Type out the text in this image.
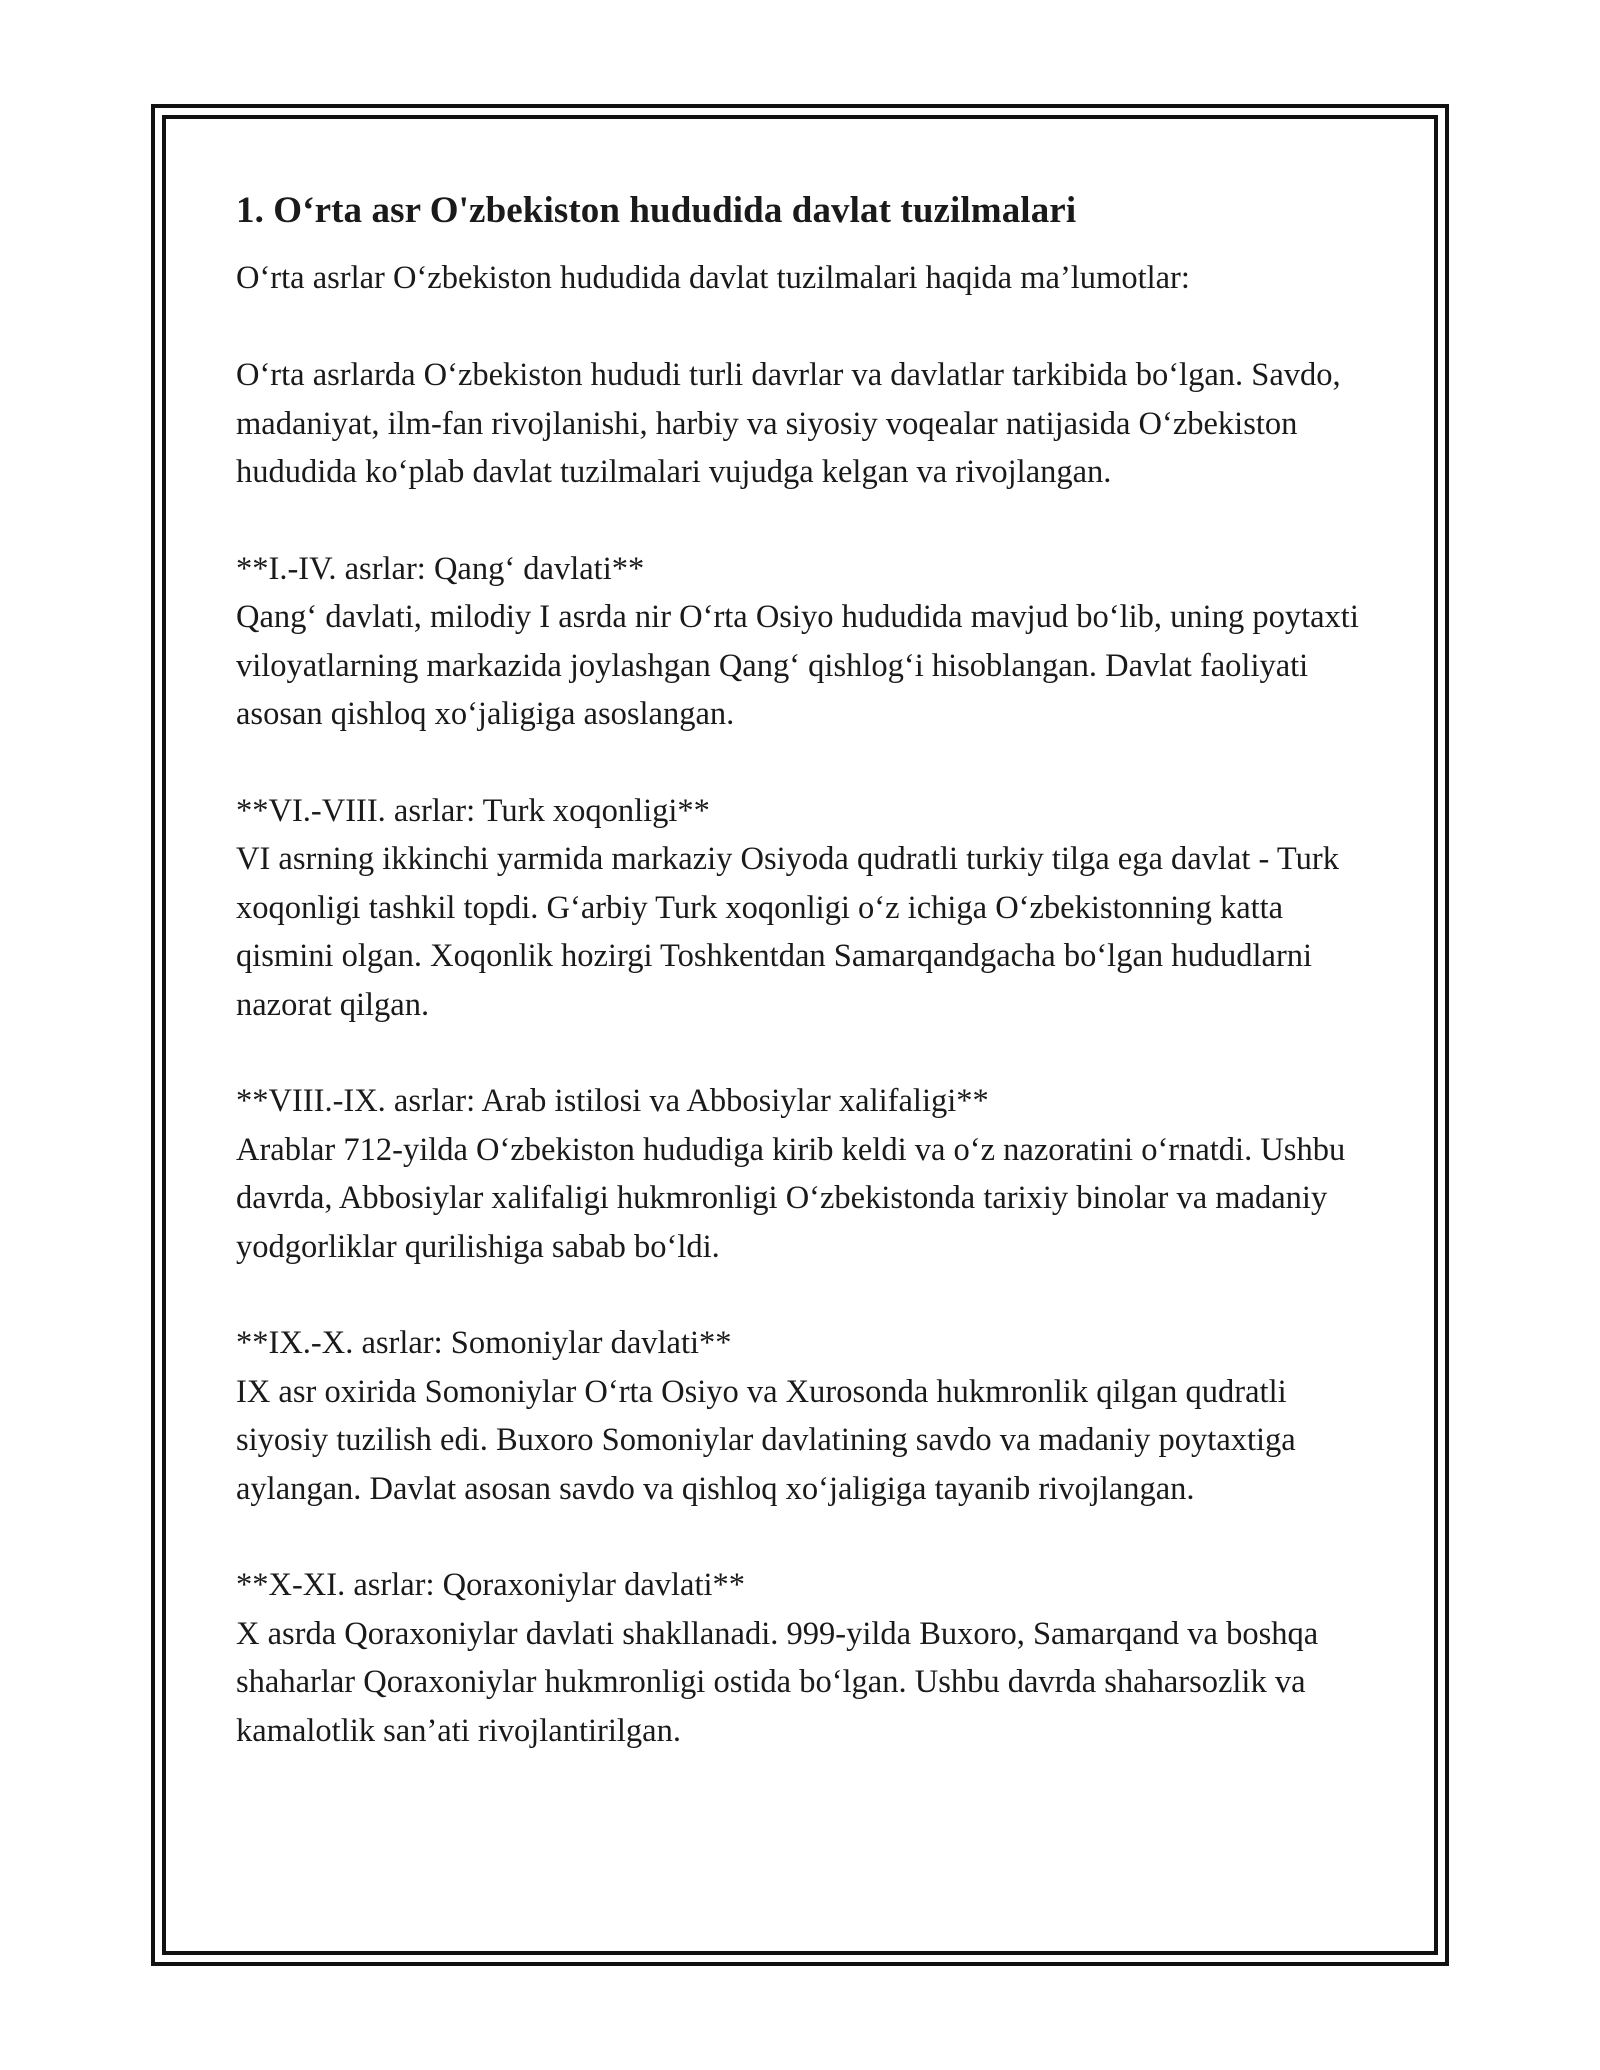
1. O‘rta asr O'zbekiston hududida davlat tuzilmalari

O‘rta asrlar O‘zbekiston hududida davlat tuzilmalari haqida ma’lumotlar:

O‘rta asrlarda O‘zbekiston hududi turli davrlar va davlatlar tarkibida bo‘lgan. Savdo, madaniyat, ilm-fan rivojlanishi, harbiy va siyosiy voqealar natijasida O‘zbekiston hududida ko‘plab davlat tuzilmalari vujudga kelgan va rivojlangan.

**I.-IV. asrlar: Qang‘ davlati**

Qang‘ davlati, milodiy I asrda nir O‘rta Osiyo hududida mavjud bo‘lib, uning poytaxti viloyatlarning markazida joylashgan Qang‘ qishlog‘i hisoblangan. Davlat faoliyati asosan qishloq xo‘jaligiga asoslangan.

**VI.-VIII. asrlar: Turk xoqonligi**

VI asrning ikkinchi yarmida markaziy Osiyoda qudratli turkiy tilga ega davlat - Turk xoqonligi tashkil topdi. G‘arbiy Turk xoqonligi o‘z ichiga O‘zbekistonning katta qismini olgan. Xoqonlik hozirgi Toshkentdan Samarqandgacha bo‘lgan hududlarni nazorat qilgan.

**VIII.-IX. asrlar: Arab istilosi va Abbosiylar xalifaligi**

Arablar 712-yilda O‘zbekiston hududiga kirib keldi va o‘z nazoratini o‘rnatdi. Ushbu davrda, Abbosiylar xalifaligi hukmronligi O‘zbekistonda tarixiy binolar va madaniy yodgorliklar qurilishiga sabab bo‘ldi.

**IX.-X. asrlar: Somoniylar davlati**

IX asr oxirida Somoniylar O‘rta Osiyo va Xurosonda hukmronlik qilgan qudratli siyosiy tuzilish edi. Buxoro Somoniylar davlatining savdo va madaniy poytaxtiga aylangan. Davlat asosan savdo va qishloq xo‘jaligiga tayanib rivojlangan.

**X-XI. asrlar: Qoraxoniylar davlati**

X asrda Qoraxoniylar davlati shakllanadi. 999-yilda Buxoro, Samarqand va boshqa shaharlar Qoraxoniylar hukmronligi ostida bo‘lgan. Ushbu davrda shaharsozlik va kamalotlik san’ati rivojlantirilgan.
